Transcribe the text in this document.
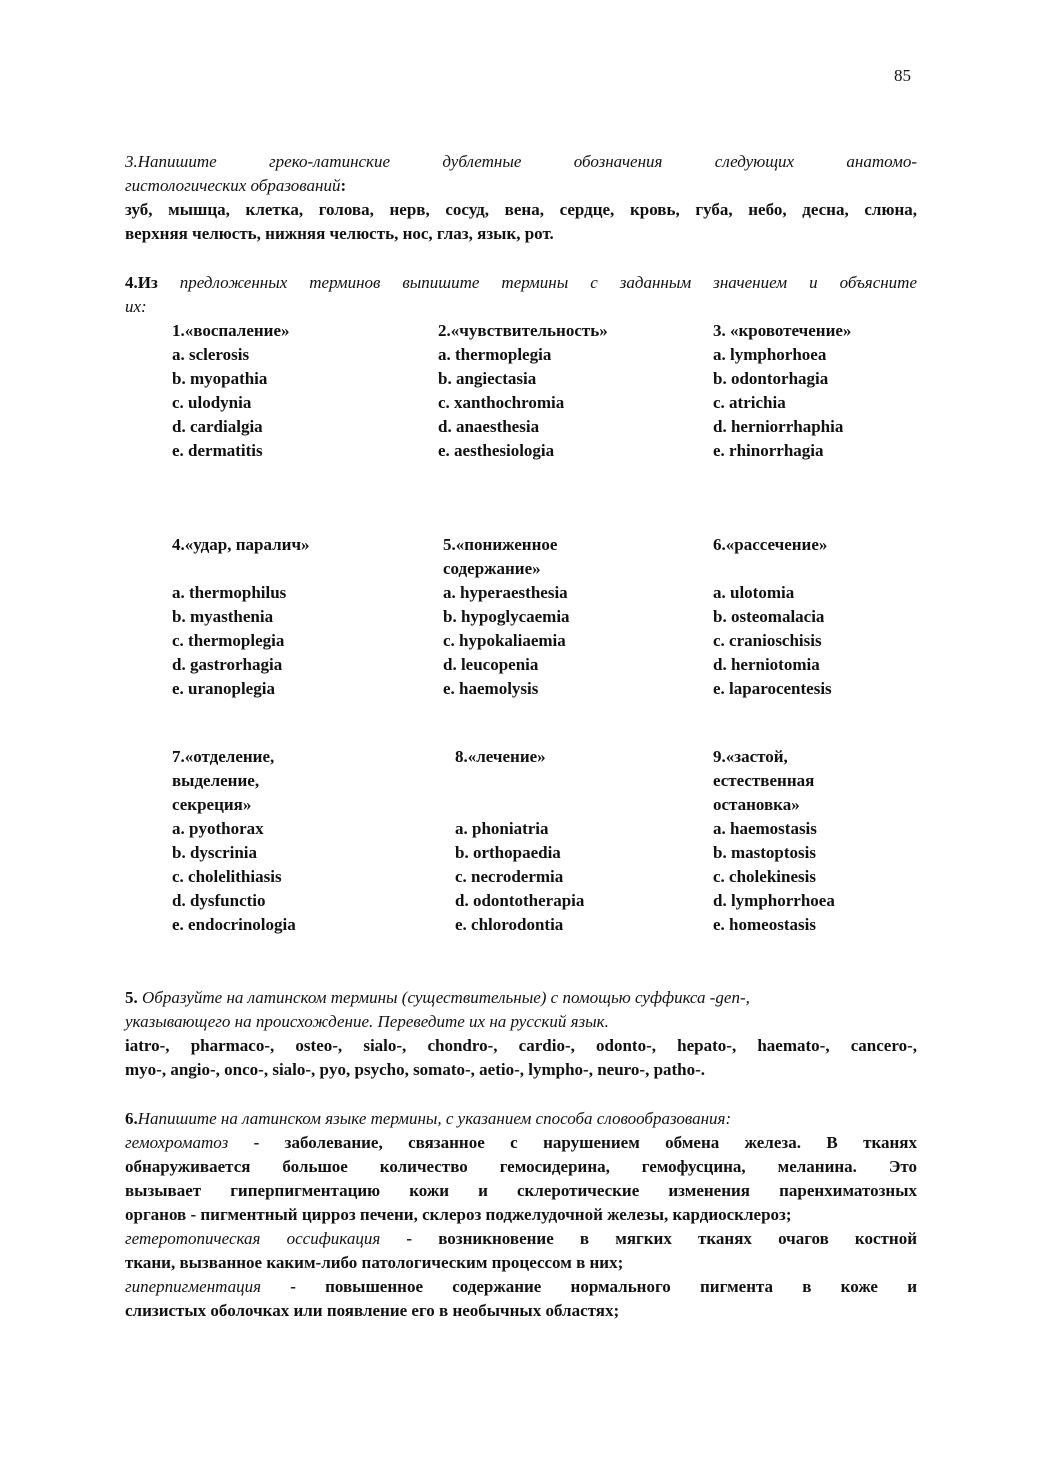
85
3.Напишите греко-латинские дублетные обозначения следующих анатомо-
гистологических образований:
зуб, мышца, клетка, голова, нерв, сосуд, вена, сердце, кровь, губа, небо, десна, слюна,
верхняя челюсть, нижняя челюсть, нос, глаз, язык, рот.
4.Из предложенных терминов выпишите термины с заданным значением и объясните
их:
1.«воспаление»
a. sclerosis
b. myopathia
c. ulodynia
d. cardialgia
e. dermatitis
2.«чувствительность»
a. thermoplegia
b. angiectasia
c. xanthochromia
d. anaesthesia
e. aesthesiologia
3. «кровотечение»
a. lymphorhoea
b. odontorhagia
c. atrichia
d. herniorrhaphia
e. rhinorrhagia
4.«удар, паралич»
a. thermophilus
b. myasthenia
c. thermoplegia
d. gastrorhagia
e. uranoplegia
5.«пониженное
содержание»
a. hyperaesthesia
b. hypoglycaemia
c. hypokaliaemia
d. leucopenia
e. haemolysis
6.«рассечение»
a. ulotomia
b. osteomalacia
c. cranioschisis
d. herniotomia
e. laparocentesis
7.«отделение,
выделение,
секреция»
a. pyothorax
b. dyscrinia
c. cholelithiasis
d. dysfunctio
e. endocrinologia
8.«лечение»
a. phoniatria
b. orthopaedia
c. necrodermia
d. odontotherapia
e. chlorodontia
9.«застой,
естественная
остановка»
a. haemostasis
b. mastoptosis
c. cholekinesis
d. lymphorrhoea
e. homeostasis
5. Образуйте на латинском термины (существительные) с помощью суффикса -gen-,
указывающего на происхождение. Переведите их на русский язык.
iatro-, pharmaco-, osteo-, sialo-, chondro-, cardio-, odonto-, hepato-, haemato-, cancero-,
myo-, angio-, onco-, sialo-, pyo, psycho, somato-, aetio-, lympho-, neuro-, patho-.
6.Напишите на латинском языке термины, с указанием способа словообразования:
гемохроматоз - заболевание, связанное с нарушением обмена железа. В тканях
обнаруживается большое количество гемосидерина, гемофусцина, меланина. Это
вызывает гиперпигментацию кожи и склеротические изменения паренхиматозных
органов - пигментный цирроз печени, склероз поджелудочной железы, кардиосклероз;
гетеротопическая оссификация - возникновение в мягких тканях очагов костной
ткани, вызванное каким-либо патологическим процессом в них;
гиперпигментация - повышенное содержание нормального пигмента в коже и
слизистых оболочках или появление его в необычных областях;
